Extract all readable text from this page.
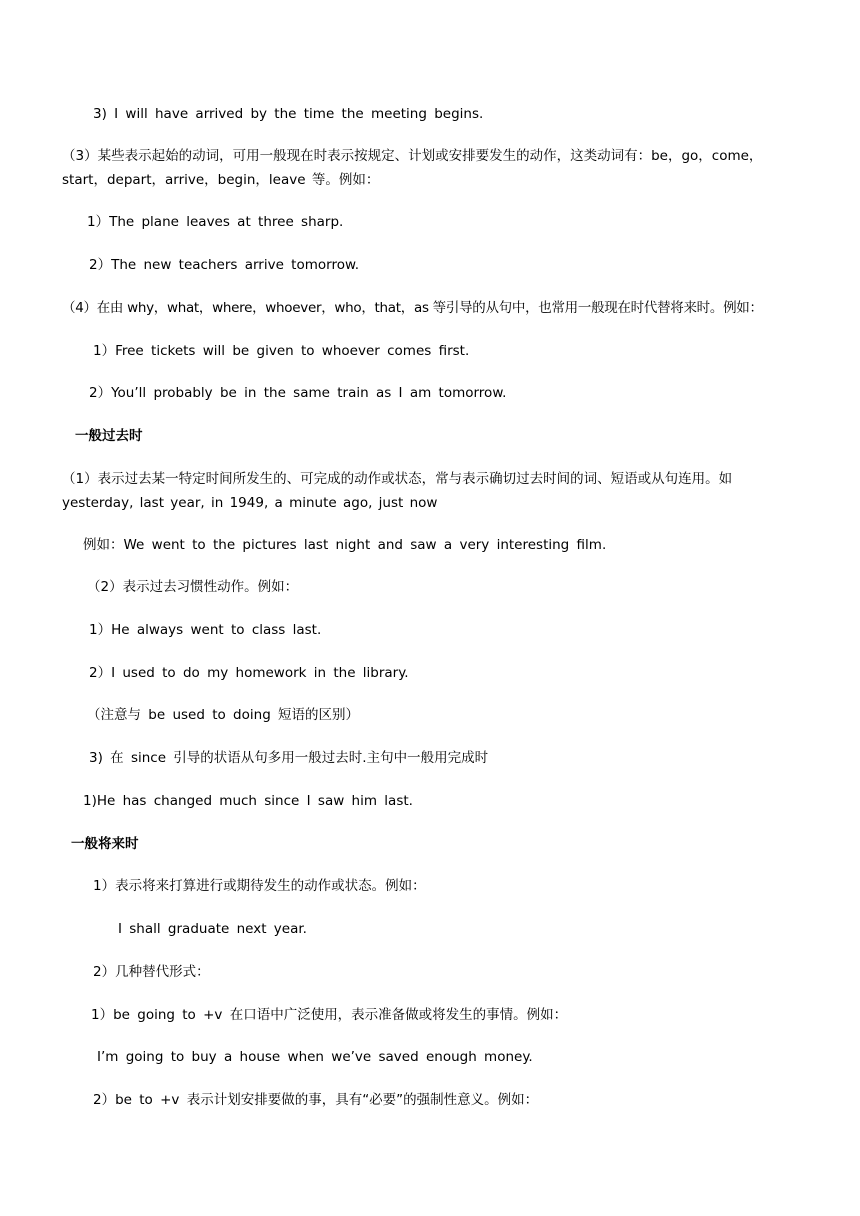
3) I will have arrived by the time the meeting begins.
（3）某些表示起始的动词，可用一般现在时表示按规定、计划或安排要发生的动作，这类动词有：be，go，come，start，depart，arrive，begin，leave 等。例如：
1）The plane leaves at three sharp.
2）The new teachers arrive tomorrow.
（4）在由 why，what，where，whoever，who，that，as 等引导的从句中，也常用一般现在时代替将来时。例如：
1）Free tickets will be given to whoever comes first.
2）You’ll probably be in the same train as I am tomorrow.
一般过去时
（1）表示过去某一特定时间所发生的、可完成的动作或状态，常与表示确切过去时间的词、短语或从句连用。如 yesterday, last year, in 1949, a minute ago, just now
例如：We went to the pictures last night and saw a very interesting film.
（2）表示过去习惯性动作。例如：
1）He always went to class last.
2）I used to do my homework in the library.
（注意与 be used to doing 短语的区别）
3) 在 since 引导的状语从句多用一般过去时.主句中一般用完成时
1)He has changed much since I saw him last.
一般将来时
1）表示将来打算进行或期待发生的动作或状态。例如：
I shall graduate next year.
2）几种替代形式：
1）be going to +v 在口语中广泛使用，表示准备做或将发生的事情。例如：
I’m going to buy a house when we’ve saved enough money.
2）be to +v 表示计划安排要做的事，具有“必要”的强制性意义。例如：
